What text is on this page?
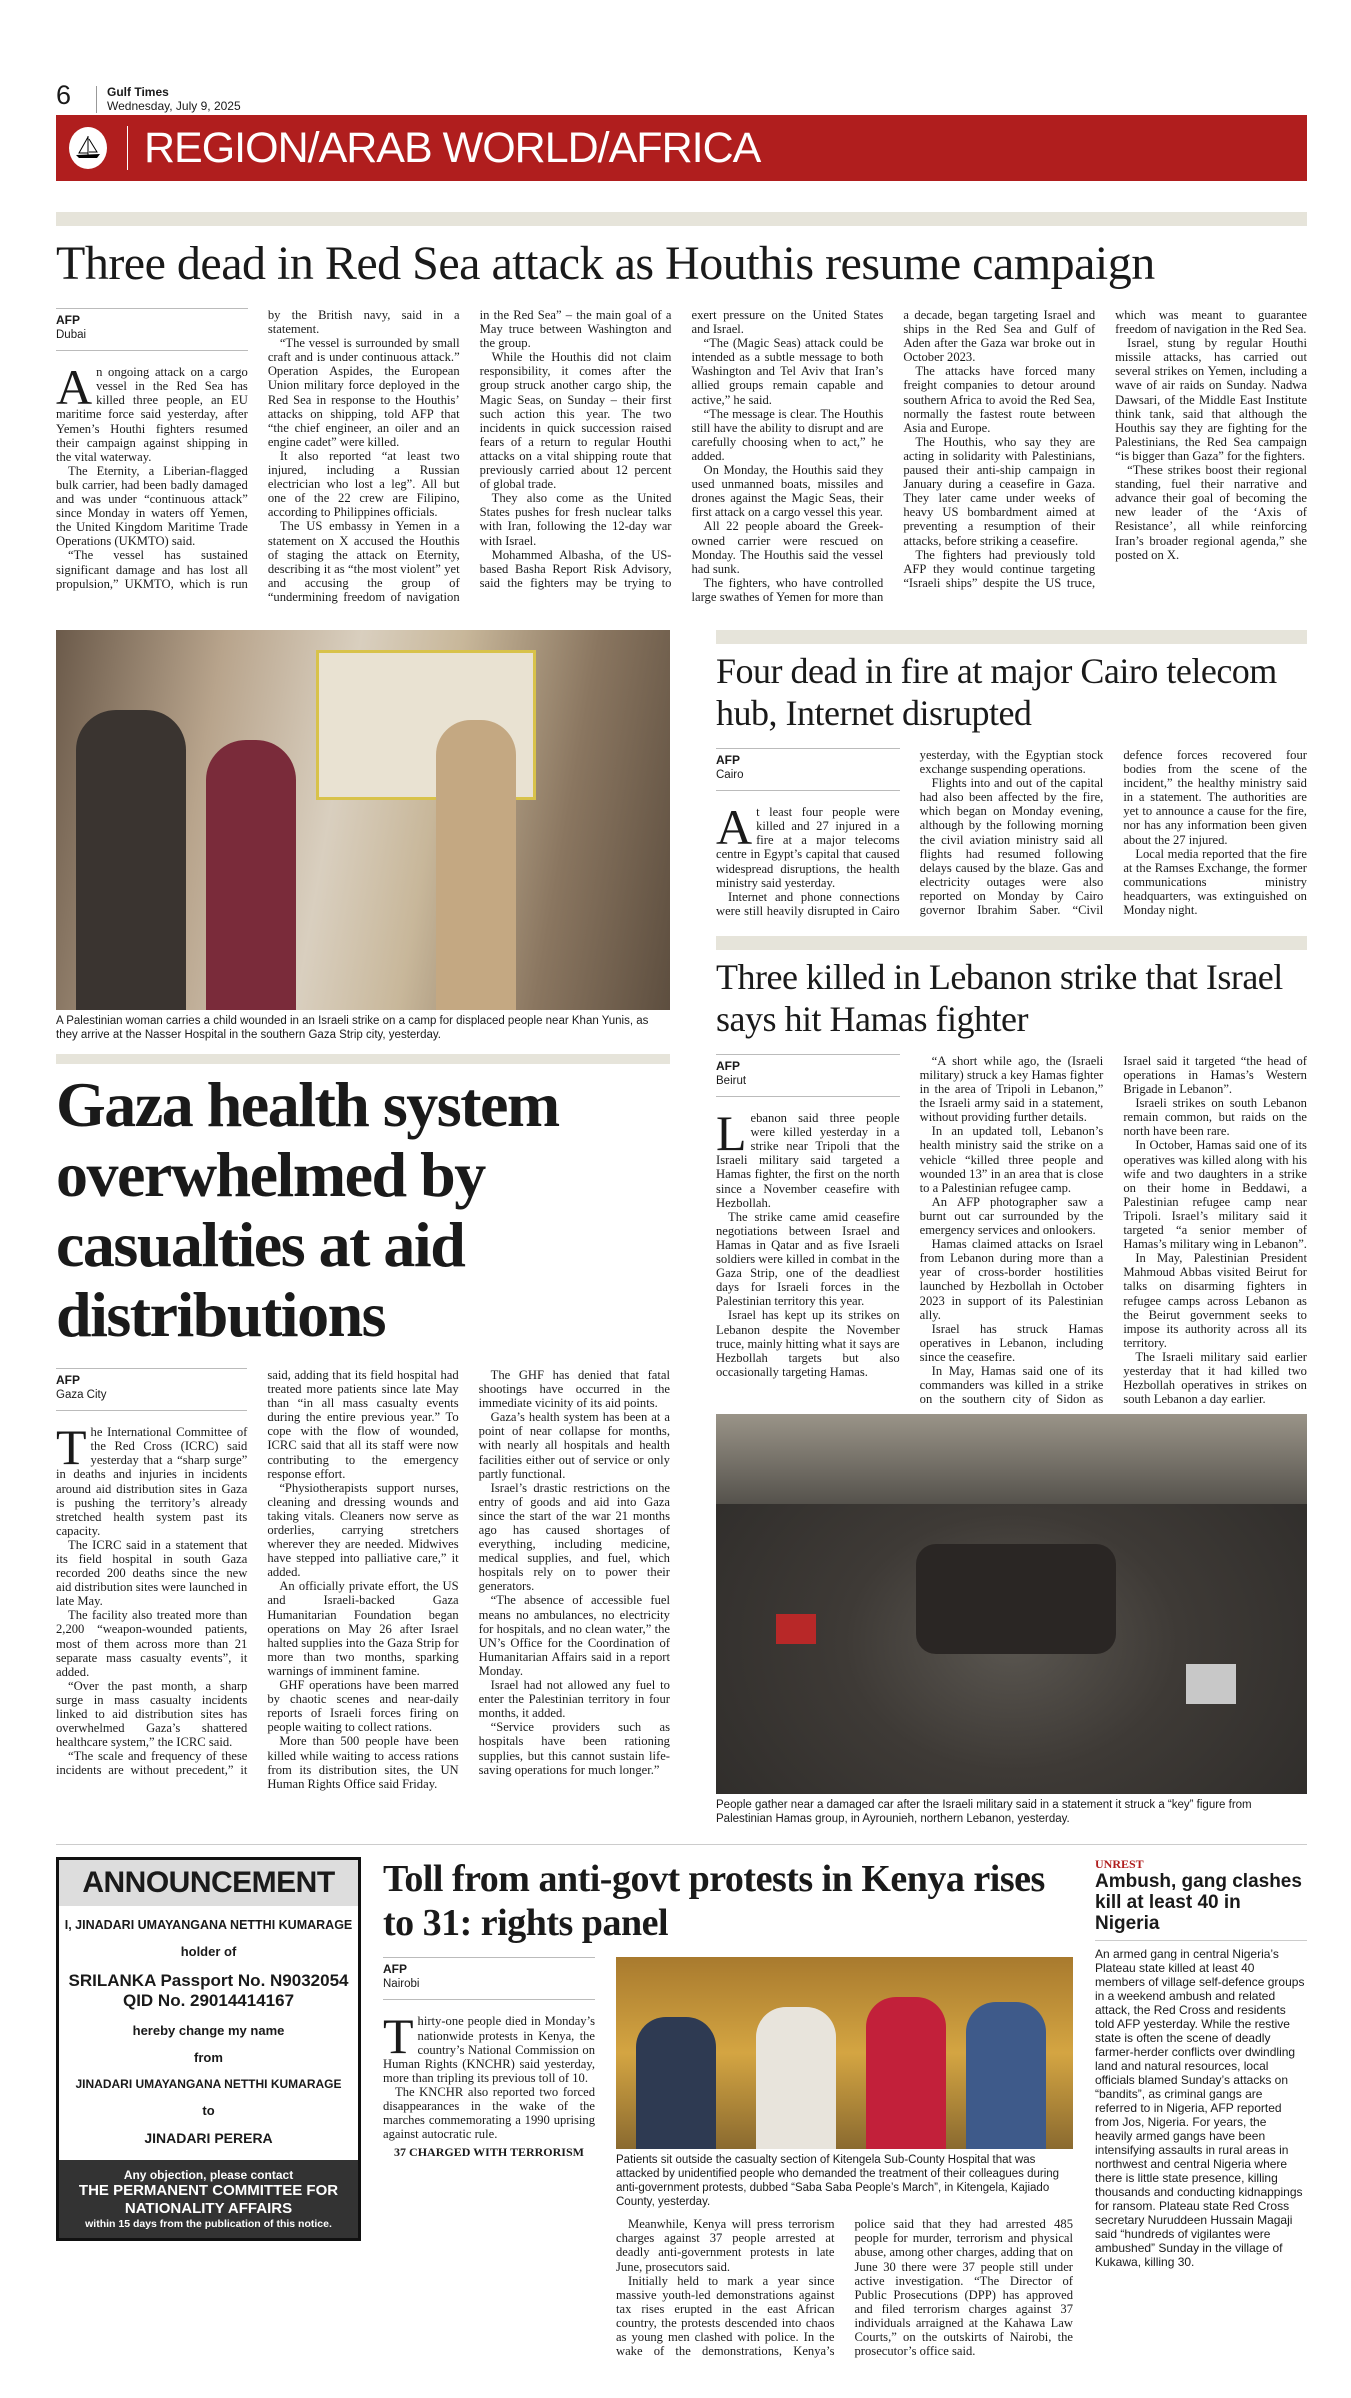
6	Gulf Times
Wednesday, July 9, 2025
REGION/ARAB WORLD/AFRICA
Three dead in Red Sea attack as Houthis resume campaign
AFP
Dubai

An ongoing attack on a cargo vessel in the Red Sea has killed three people, an EU maritime force said yesterday, after Yemen’s Houthi fighters resumed their campaign against shipping in the vital waterway.

The Eternity, a Liberian-flagged bulk carrier, had been badly damaged and was under “continuous attack” since Monday in waters off Yemen, the United Kingdom Maritime Trade Operations (UKMTO) said.

“The vessel has sustained significant damage and has lost all propulsion,” UKMTO, which is run by the British navy, said in a statement.

“The vessel is surrounded by small craft and is under continuous attack.” Operation Aspides, the European Union military force deployed in the Red Sea in response to the Houthis’ attacks on shipping, told AFP that “the chief engineer, an oiler and an engine cadet” were killed.

It also reported “at least two injured, including a Russian electrician who lost a leg”. All but one of the 22 crew are Filipino, according to Philippines officials.

The US embassy in Yemen in a statement on X accused the Houthis of staging the attack on Eternity, describing it as “the most violent” yet and accusing the group of “undermining freedom of navigation in the Red Sea” – the main goal of a May truce between Washington and the group.

While the Houthis did not claim responsibility, it comes after the group struck another cargo ship, the Magic Seas, on Sunday – their first such action this year. The two incidents in quick succession raised fears of a return to regular Houthi attacks on a vital shipping route that previously carried about 12 percent of global trade.

They also come as the United States pushes for fresh nuclear talks with Iran, following the 12-day war with Israel.

Mohammed Albasha, of the US-based Basha Report Risk Advisory, said the fighters may be trying to exert pressure on the United States and Israel.

“The (Magic Seas) attack could be intended as a subtle message to both Washington and Tel Aviv that Iran’s allied groups remain capable and active,” he said.

“The message is clear. The Houthis still have the ability to disrupt and are carefully choosing when to act,” he added.

On Monday, the Houthis said they used unmanned boats, missiles and drones against the Magic Seas, their first attack on a cargo vessel this year.

All 22 people aboard the Greek-owned carrier were rescued on Monday. The Houthis said the vessel had sunk.

The fighters, who have controlled large swathes of Yemen for more than a decade, began targeting Israel and ships in the Red Sea and Gulf of Aden after the Gaza war broke out in October 2023.

The attacks have forced many freight companies to detour around southern Africa to avoid the Red Sea, normally the fastest route between Asia and Europe.

The Houthis, who say they are acting in solidarity with Palestinians, paused their anti-ship campaign in January during a ceasefire in Gaza. They later came under weeks of heavy US bombardment aimed at preventing a resumption of their attacks, before striking a ceasefire.

The fighters had previously told AFP they would continue targeting “Israeli ships” despite the US truce, which was meant to guarantee freedom of navigation in the Red Sea.

Israel, stung by regular Houthi missile attacks, has carried out several strikes on Yemen, including a wave of air raids on Sunday. Nadwa Dawsari, of the Middle East Institute think tank, said that although the Houthis say they are fighting for the Palestinians, the Red Sea campaign “is bigger than Gaza” for the fighters.

“These strikes boost their regional standing, fuel their narrative and advance their goal of becoming the new leader of the ‘Axis of Resistance’, all while reinforcing Iran’s broader regional agenda,” she posted on X.

A Palestinian woman carries a child wounded in an Israeli strike on a camp for displaced people near Khan Yunis, as they arrive at the Nasser Hospital in the southern Gaza Strip city, yesterday.
Gaza health system overwhelmed by casualties at aid distributions
AFP
Gaza City

The International Committee of the Red Cross (ICRC) said yesterday that a “sharp surge” in deaths and injuries in incidents around aid distribution sites in Gaza is pushing the territory’s already stretched health system past its capacity.

The ICRC said in a statement that its field hospital in south Gaza recorded 200 deaths since the new aid distribution sites were launched in late May.

The facility also treated more than 2,200 “weapon-wounded patients, most of them across more than 21 separate mass casualty events”, it added.

“Over the past month, a sharp surge in mass casualty incidents linked to aid distribution sites has overwhelmed Gaza’s shattered healthcare system,” the ICRC said.

“The scale and frequency of these incidents are without precedent,” it said, adding that its field hospital had treated more patients since late May than “in all mass casualty events during the entire previous year.” To cope with the flow of wounded, ICRC said that all its staff were now contributing to the emergency response effort.

“Physiotherapists support nurses, cleaning and dressing wounds and taking vitals. Cleaners now serve as orderlies, carrying stretchers wherever they are needed. Midwives have stepped into palliative care,” it added.

An officially private effort, the US and Israeli-backed Gaza Humanitarian Foundation began operations on May 26 after Israel halted supplies into the Gaza Strip for more than two months, sparking warnings of imminent famine.

GHF operations have been marred by chaotic scenes and near-daily reports of Israeli forces firing on people waiting to collect rations.

More than 500 people have been killed while waiting to access rations from its distribution sites, the UN Human Rights Office said Friday.

The GHF has denied that fatal shootings have occurred in the immediate vicinity of its aid points.

Gaza’s health system has been at a point of near collapse for months, with nearly all hospitals and health facilities either out of service or only partly functional.

Israel’s drastic restrictions on the entry of goods and aid into Gaza since the start of the war 21 months ago has caused shortages of everything, including medicine, medical supplies, and fuel, which hospitals rely on to power their generators.

“The absence of accessible fuel means no ambulances, no electricity for hospitals, and no clean water,” the UN’s Office for the Coordination of Humanitarian Affairs said in a report Monday.

Israel had not allowed any fuel to enter the Palestinian territory in four months, it added.

“Service providers such as hospitals have been rationing supplies, but this cannot sustain life-saving operations for much longer.”

Four dead in fire at major Cairo telecom hub, Internet disrupted
AFP
Cairo

At least four people were killed and 27 injured in a fire at a major telecoms centre in Egypt’s capital that caused widespread disruptions, the health ministry said yesterday.

Internet and phone connections were still heavily disrupted in Cairo yesterday, with the Egyptian stock exchange suspending operations.

Flights into and out of the capital had also been affected by the fire, which began on Monday evening, although by the following morning the civil aviation ministry said all flights had resumed following delays caused by the blaze. Gas and electricity outages were also reported on Monday by Cairo governor Ibrahim Saber. “Civil defence forces recovered four bodies from the scene of the incident,” the healthy ministry said in a statement. The authorities are yet to announce a cause for the fire, nor has any information been given about the 27 injured.

Local media reported that the fire at the Ramses Exchange, the former communications ministry headquarters, was extinguished on Monday night.

Three killed in Lebanon strike that Israel says hit Hamas fighter
AFP
Beirut

Lebanon said three people were killed yesterday in a strike near Tripoli that the Israeli military said targeted a Hamas fighter, the first on the north since a November ceasefire with Hezbollah.

The strike came amid ceasefire negotiations between Israel and Hamas in Qatar and as five Israeli soldiers were killed in combat in the Gaza Strip, one of the deadliest days for Israeli forces in the Palestinian territory this year.

Israel has kept up its strikes on Lebanon despite the November truce, mainly hitting what it says are Hezbollah targets but also occasionally targeting Hamas.

“A short while ago, the (Israeli military) struck a key Hamas fighter in the area of Tripoli in Lebanon,” the Israeli army said in a statement, without providing further details.

In an updated toll, Lebanon’s health ministry said the strike on a vehicle “killed three people and wounded 13” in an area that is close to a Palestinian refugee camp.

An AFP photographer saw a burnt out car surrounded by the emergency services and onlookers.

Hamas claimed attacks on Israel from Lebanon during more than a year of cross-border hostilities launched by Hezbollah in October 2023 in support of its Palestinian ally.

Israel has struck Hamas operatives in Lebanon, including since the ceasefire.

In May, Hamas said one of its commanders was killed in a strike on the southern city of Sidon as Israel said it targeted “the head of operations in Hamas’s Western Brigade in Lebanon”.

Israeli strikes on south Lebanon remain common, but raids on the north have been rare.

In October, Hamas said one of its operatives was killed along with his wife and two daughters in a strike on their home in Beddawi, a Palestinian refugee camp near Tripoli. Israel’s military said it targeted “a senior member of Hamas’s military wing in Lebanon”.

In May, Palestinian President Mahmoud Abbas visited Beirut for talks on disarming fighters in refugee camps across Lebanon as the Beirut government seeks to impose its authority across all its territory.

The Israeli military said earlier yesterday that it had killed two Hezbollah operatives in strikes on south Lebanon a day earlier.

People gather near a damaged car after the Israeli military said in a statement it struck a “key” figure from Palestinian Hamas group, in Ayrounieh, northern Lebanon, yesterday.
ANNOUNCEMENT
I, JINADARI UMAYANGANA NETTHI KUMARAGE
holder of
SRILANKA Passport No. N9032054
QID No. 29014414167
hereby change my name
from
JINADARI UMAYANGANA NETTHI KUMARAGE
to
JINADARI PERERA
Any objection, please contact
THE PERMANENT COMMITTEE FOR NATIONALITY AFFAIRS
within 15 days from the publication of this notice.
Toll from anti-govt protests in Kenya rises to 31: rights panel
AFP
Nairobi

Thirty-one people died in Monday’s nationwide protests in Kenya, the country’s National Commission on Human Rights (KNCHR) said yesterday, more than tripling its previous toll of 10.

The KNCHR also reported two forced disappearances in the wake of the marches commemorating a 1990 uprising against autocratic rule.

37 CHARGED WITH TERRORISM

Patients sit outside the casualty section of Kitengela Sub-County Hospital that was attacked by unidentified people who demanded the treatment of their colleagues during anti-government protests, dubbed “Saba Saba People’s March”, in Kitengela, Kajiado County, yesterday.

Meanwhile, Kenya will press terrorism charges against 37 people arrested at deadly anti-government protests in late June, prosecutors said.

Initially held to mark a year since massive youth-led demonstrations against tax rises erupted in the east African country, the protests descended into chaos as young men clashed with police. In the wake of the demonstrations, Kenya’s police said that they had arrested 485 people for murder, terrorism and physical abuse, among other charges, adding that on June 30 there were 37 people still under active investigation. “The Director of Public Prosecutions (DPP) has approved and filed terrorism charges against 37 individuals arraigned at the Kahawa Law Courts,” on the outskirts of Nairobi, the prosecutor’s office said.

UNREST
Ambush, gang clashes kill at least 40 in Nigeria

An armed gang in central Nigeria’s Plateau state killed at least 40 members of village self-defence groups in a weekend ambush and related attack, the Red Cross and residents told AFP yesterday. While the restive state is often the scene of deadly farmer-herder conflicts over dwindling land and natural resources, local officials blamed Sunday’s attacks on “bandits”, as criminal gangs are referred to in Nigeria, AFP reported from Jos, Nigeria. For years, the heavily armed gangs have been intensifying assaults in rural areas in northwest and central Nigeria where there is little state presence, killing thousands and conducting kidnappings for ransom. Plateau state Red Cross secretary Nuruddeen Hussain Magaji said “hundreds of vigilantes were ambushed” Sunday in the village of Kukawa, killing 30.
